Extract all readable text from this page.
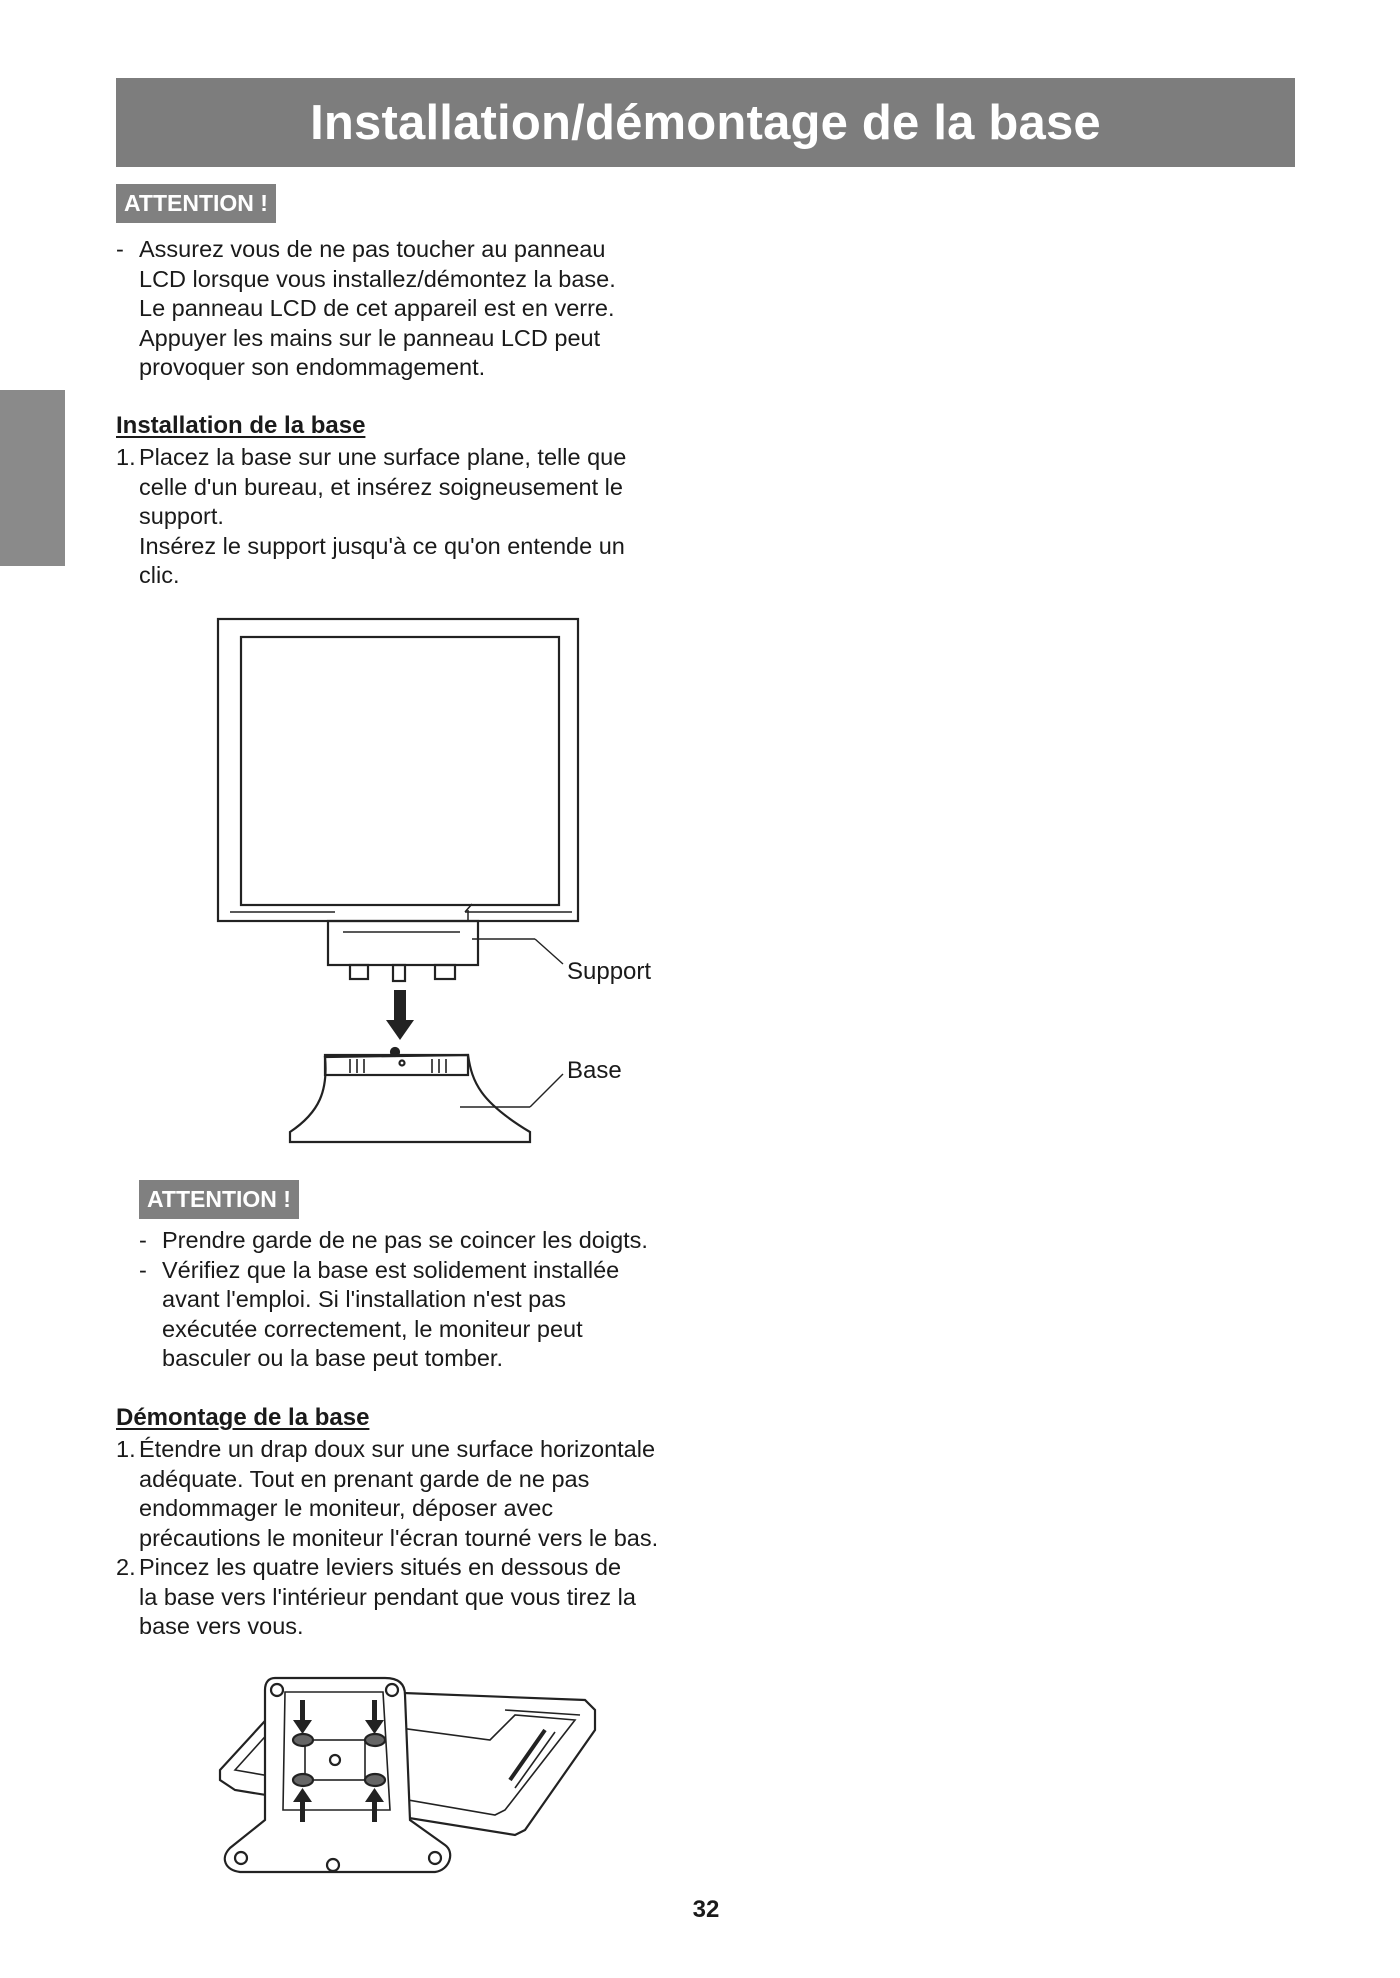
Installation/démontage de la base
ATTENTION !
- Assurez vous de ne pas toucher au panneau
LCD lorsque vous installez/démontez la base.
Le panneau LCD de cet appareil est en verre.
Appuyer les mains sur le panneau LCD peut
provoquer son endommagement.
Installation de la base
1. Placez la base sur une surface plane, telle que
celle d'un bureau, et insérez soigneusement le
support.
Insérez le support jusqu'à ce qu'on entende un
clic.
Support
Base
ATTENTION !
- Prendre garde de ne pas se coincer les doigts.
- Vérifiez que la base est solidement installée
avant l'emploi. Si l'installation n'est pas
exécutée correctement, le moniteur peut
basculer ou la base peut tomber.
Démontage de la base
1. Étendre un drap doux sur une surface horizontale
adéquate. Tout en prenant garde de ne pas
endommager le moniteur, déposer avec
précautions le moniteur l'écran tourné vers le bas.
2. Pincez les quatre leviers situés en dessous de
la base vers l'intérieur pendant que vous tirez la
base vers vous.
32
